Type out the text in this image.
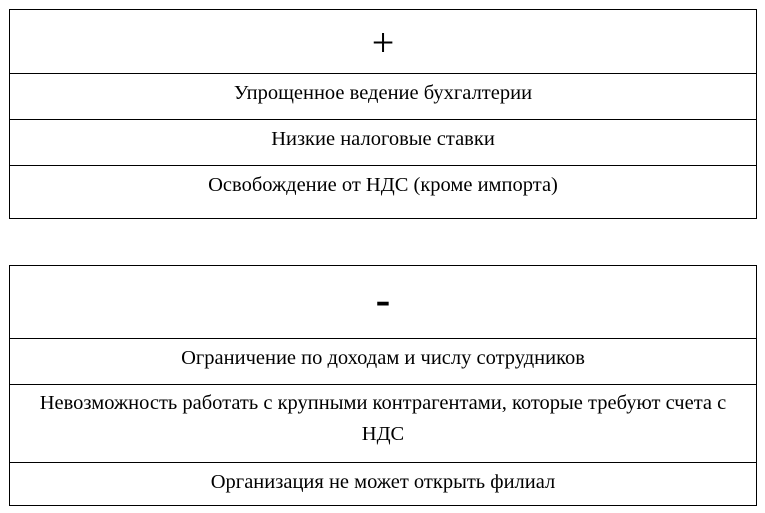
+
Упрощенное ведение бухгалтерии
Низкие налоговые ставки
Освобождение от НДС (кроме импорта)
-
Ограничение по доходам и числу сотрудников
Невозможность работать с крупными контрагентами, которые требуют счета с НДС
Организация не может открыть филиал
